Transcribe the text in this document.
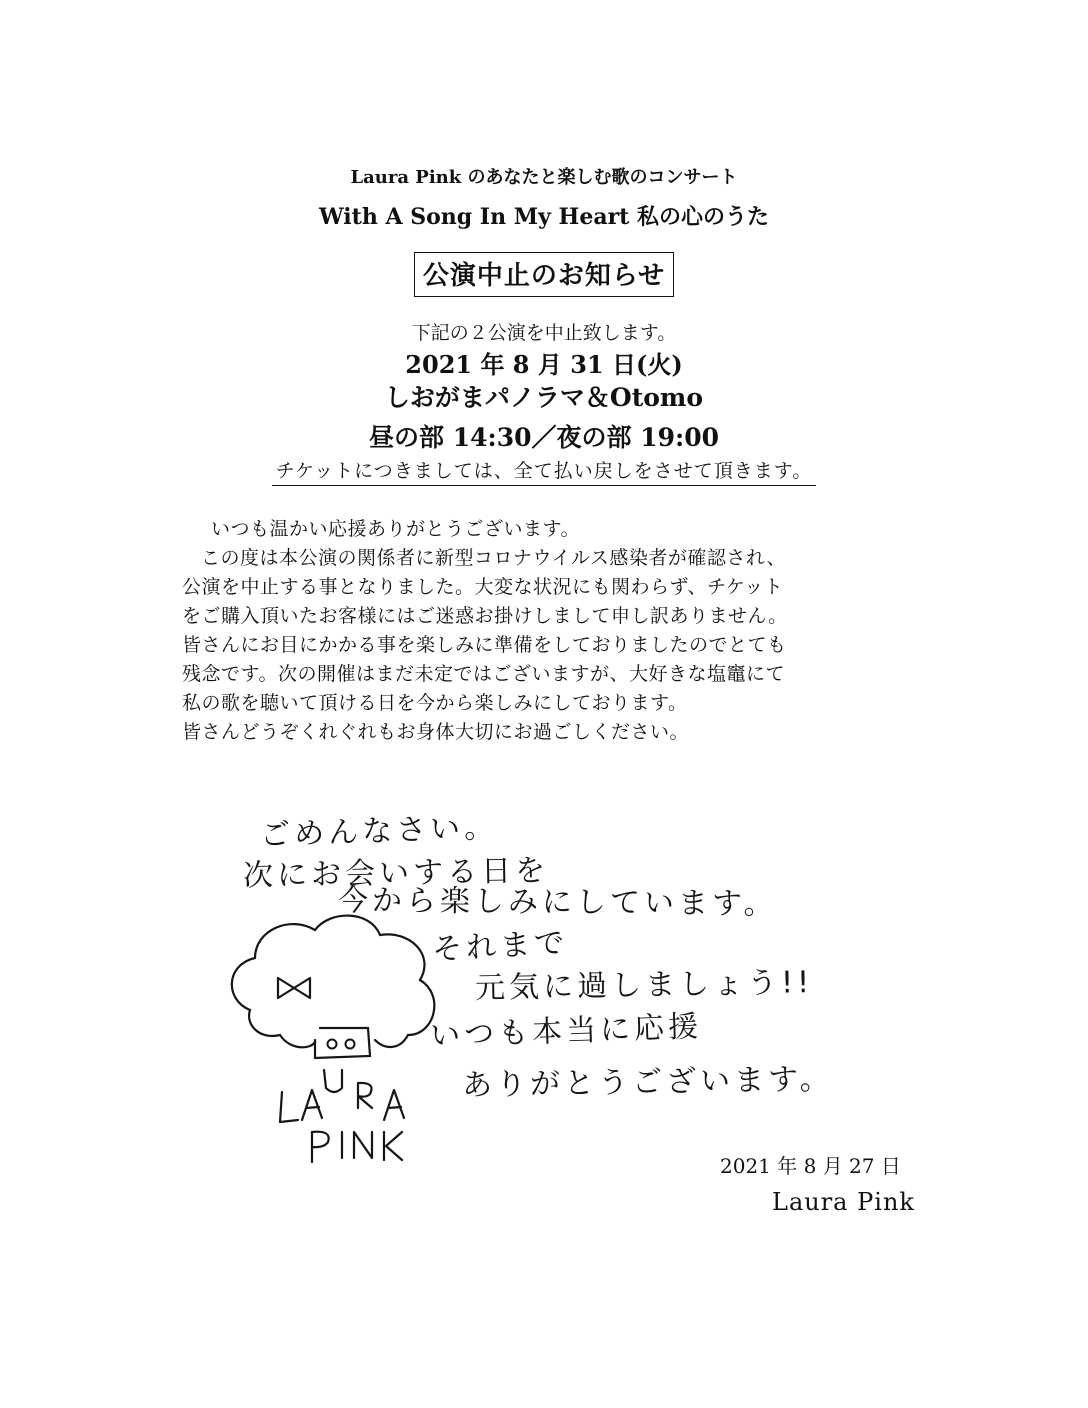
Laura Pink のあなたと楽しむ歌のコンサート
With A Song In My Heart 私の心のうた
公演中止のお知らせ
下記の２公演を中止致します。
2021 年 8 月 31 日(火)
しおがまパノラマ＆Otomo
昼の部 14:30／夜の部 19:00
チケットにつきましては、全て払い戻しをさせて頂きます。
いつも温かい応援ありがとうございます。
この度は本公演の関係者に新型コロナウイルス感染者が確認され、
公演を中止する事となりました。大変な状況にも関わらず、チケット
をご購入頂いたお客様にはご迷惑お掛けしまして申し訳ありません。
皆さんにお目にかかる事を楽しみに準備をしておりましたのでとても
残念です。次の開催はまだ未定ではございますが、大好きな塩竈にて
私の歌を聴いて頂ける日を今から楽しみにしております。
皆さんどうぞくれぐれもお身体大切にお過ごしください。
ごめんなさい。
次にお会いする日を
今から楽しみにしています。
それまで
元気に過しましょう!!
いつも本当に応援
ありがとうございます。
2021 年 8 月 27 日
Laura Pink
